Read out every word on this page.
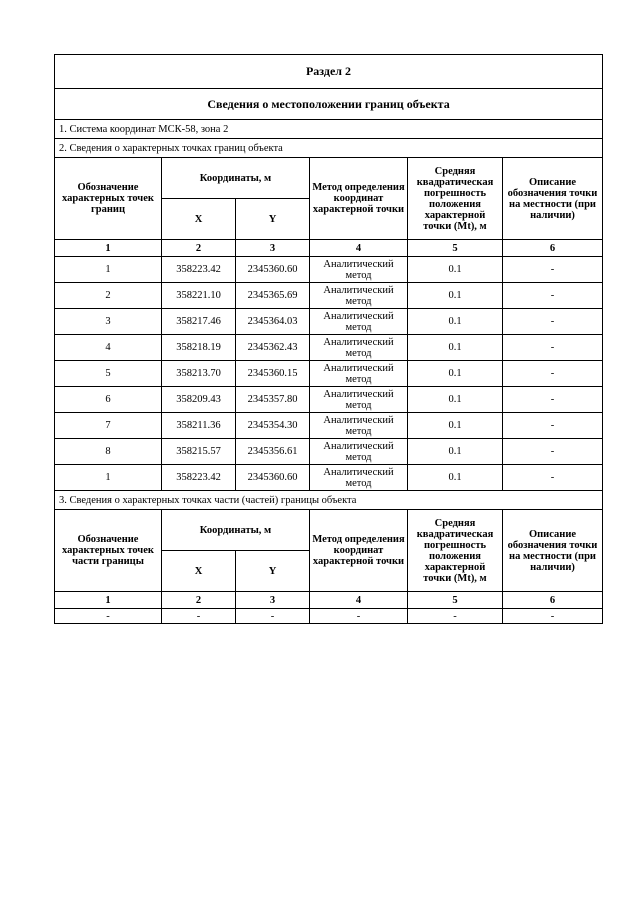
Раздел 2					
Сведения о местоположении границ объекта					
1. Система координат МСК-58, зона 2					
2. Сведения о характерных точках границ объекта					
Обозначение характерных точек границ	Координаты, м		Метод определения координат характерной точки	Средняя квадратическая погрешность положения характерной точки (Mt), м	Описание обозначения точки на местности (при наличии)
	X	Y			
1	2	3	4	5	6
1	358223.42	2345360.60	Аналитический метод	0.1	-
2	358221.10	2345365.69	Аналитический метод	0.1	-
3	358217.46	2345364.03	Аналитический метод	0.1	-
4	358218.19	2345362.43	Аналитический метод	0.1	-
5	358213.70	2345360.15	Аналитический метод	0.1	-
6	358209.43	2345357.80	Аналитический метод	0.1	-
7	358211.36	2345354.30	Аналитический метод	0.1	-
8	358215.57	2345356.61	Аналитический метод	0.1	-
1	358223.42	2345360.60	Аналитический метод	0.1	-
3. Сведения о характерных точках части (частей) границы объекта					
Обозначение характерных точек части границы	Координаты, м		Метод определения координат характерной точки	Средняя квадратическая погрешность положения характерной точки (Mt), м	Описание обозначения точки на местности (при наличии)
	X	Y			
1	2	3	4	5	6
-	-	-	-	-	-
